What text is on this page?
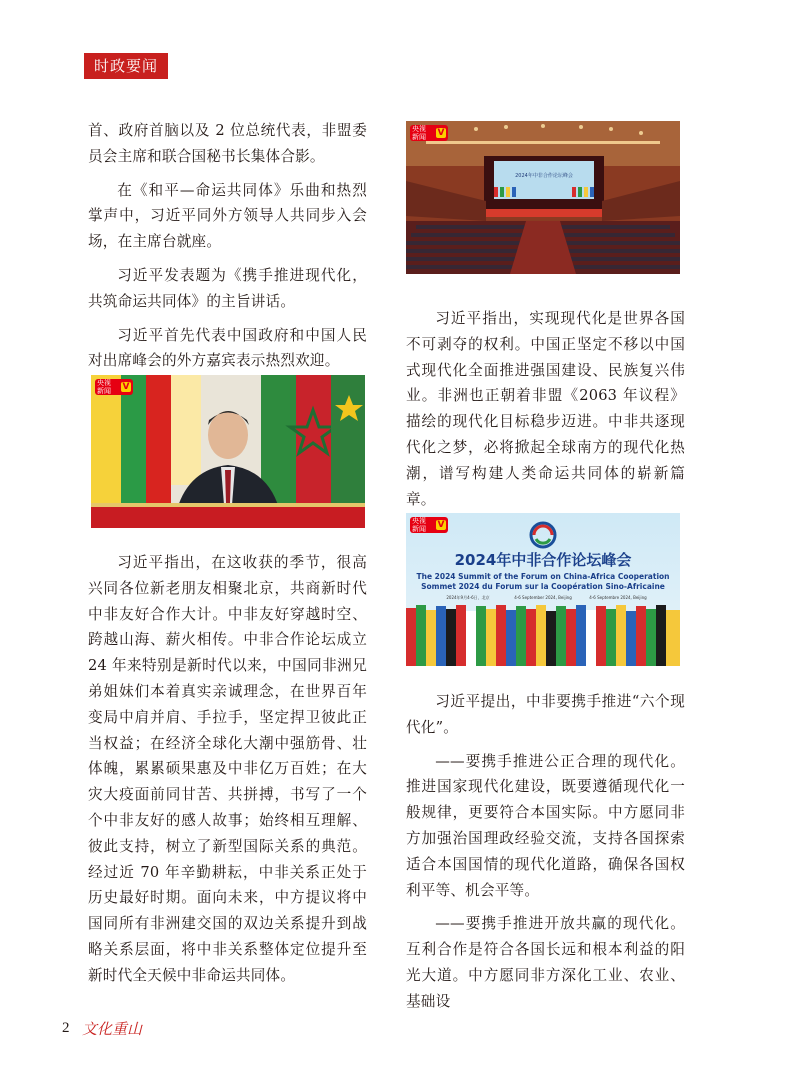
时政要闻

首、政府首脑以及 2 位总统代表，非盟委员会主席和联合国秘书长集体合影。

在《和平—命运共同体》乐曲和热烈掌声中，习近平同外方领导人共同步入会场，在主席台就座。

习近平发表题为《携手推进现代化，共筑命运共同体》的主旨讲话。

习近平首先代表中国政府和中国人民对出席峰会的外方嘉宾表示热烈欢迎。

央视
新闻	V

习近平指出，在这收获的季节，很高兴同各位新老朋友相聚北京，共商新时代中非友好合作大计。中非友好穿越时空、跨越山海、薪火相传。中非合作论坛成立 24 年来特别是新时代以来，中国同非洲兄弟姐妹们本着真实亲诚理念，在世界百年变局中肩并肩、手拉手，坚定捍卫彼此正当权益；在经济全球化大潮中强筋骨、壮体魄，累累硕果惠及中非亿万百姓；在大灾大疫面前同甘苦、共拼搏，书写了一个个中非友好的感人故事；始终相互理解、彼此支持，树立了新型国际关系的典范。经过近 70 年辛勤耕耘，中非关系正处于历史最好时期。面向未来，中方提议将中国同所有非洲建交国的双边关系提升到战略关系层面，将中非关系整体定位提升至新时代全天候中非命运共同体。

2024年中非合作论坛峰会
央视
新闻	V

习近平指出，实现现代化是世界各国不可剥夺的权利。中国正坚定不移以中国式现代化全面推进强国建设、民族复兴伟业。非洲也正朝着非盟《2063 年议程》描绘的现代化目标稳步迈进。中非共逐现代化之梦，必将掀起全球南方的现代化热潮，谱写构建人类命运共同体的崭新篇章。

2024年中非合作论坛峰会
The 2024 Summit of the Forum on China-Africa Cooperation
Sommet 2024 du Forum sur la Coopération Sino-Africaine
2024年9月4-6日，北京	4-6 September 2024, Beijing	4-6 Septembre 2024, Beijing
央视
新闻	V

习近平提出，中非要携手推进“六个现代化”。

——要携手推进公正合理的现代化。推进国家现代化建设，既要遵循现代化一般规律，更要符合本国实际。中方愿同非方加强治国理政经验交流，支持各国探索适合本国国情的现代化道路，确保各国权利平等、机会平等。

——要携手推进开放共赢的现代化。互利合作是符合各国长远和根本利益的阳光大道。中方愿同非方深化工业、农业、基础设

2 文化重山
